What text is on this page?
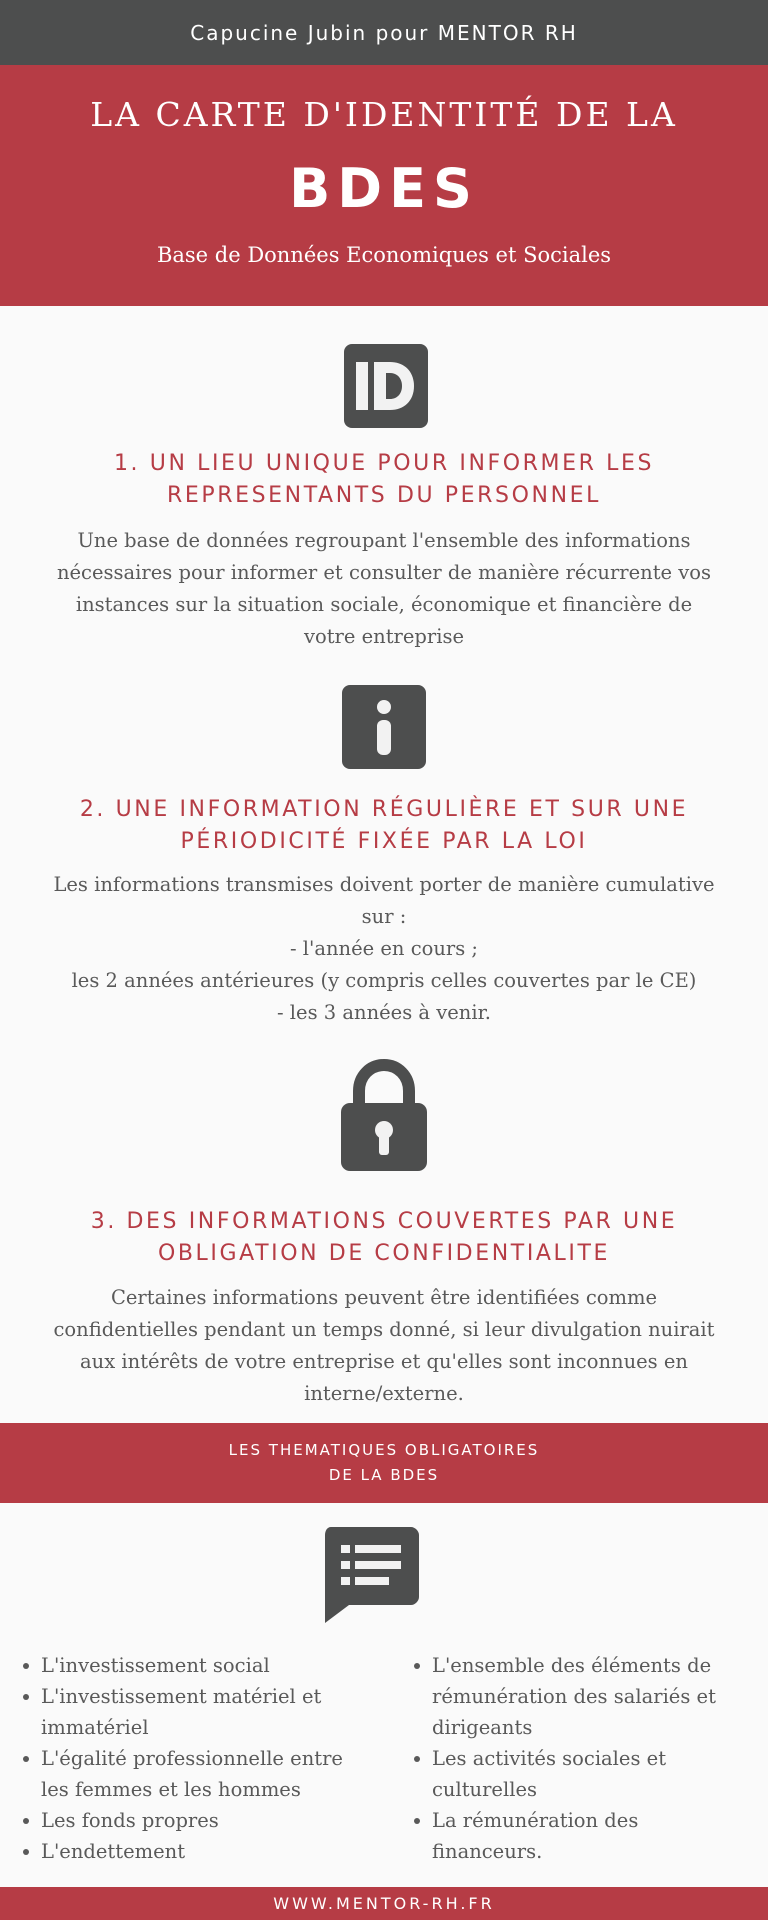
Capucine Jubin pour MENTOR RH
LA CARTE D'IDENTITÉ DE LA
BDES
Base de Données Economiques et Sociales
1. UN LIEU UNIQUE POUR INFORMER LES
REPRESENTANTS DU PERSONNEL
Une base de données regroupant l'ensemble des informations
nécessaires pour informer et consulter de manière récurrente vos
instances sur la situation sociale, économique et financière de
votre entreprise
2. UNE INFORMATION RÉGULIÈRE ET SUR UNE
PÉRIODICITÉ FIXÉE PAR LA LOI
Les informations transmises doivent porter de manière cumulative
sur :
- l'année en cours ;
les 2 années antérieures (y compris celles couvertes par le CE)
- les 3 années à venir.
3. DES INFORMATIONS COUVERTES PAR UNE
OBLIGATION DE CONFIDENTIALITE
Certaines informations peuvent être identifiées comme
confidentielles pendant un temps donné, si leur divulgation nuirait
aux intérêts de votre entreprise et qu'elles sont inconnues en
interne/externe.
LES THEMATIQUES OBLIGATOIRES
DE LA BDES
L'investissement social
L'investissement matériel et
immatériel
L'égalité professionnelle entre
les femmes et les hommes
Les fonds propres
L'endettement
L'ensemble des éléments de
rémunération des salariés et
dirigeants
Les activités sociales et
culturelles
La rémunération des
financeurs.
WWW.MENTOR-RH.FR
